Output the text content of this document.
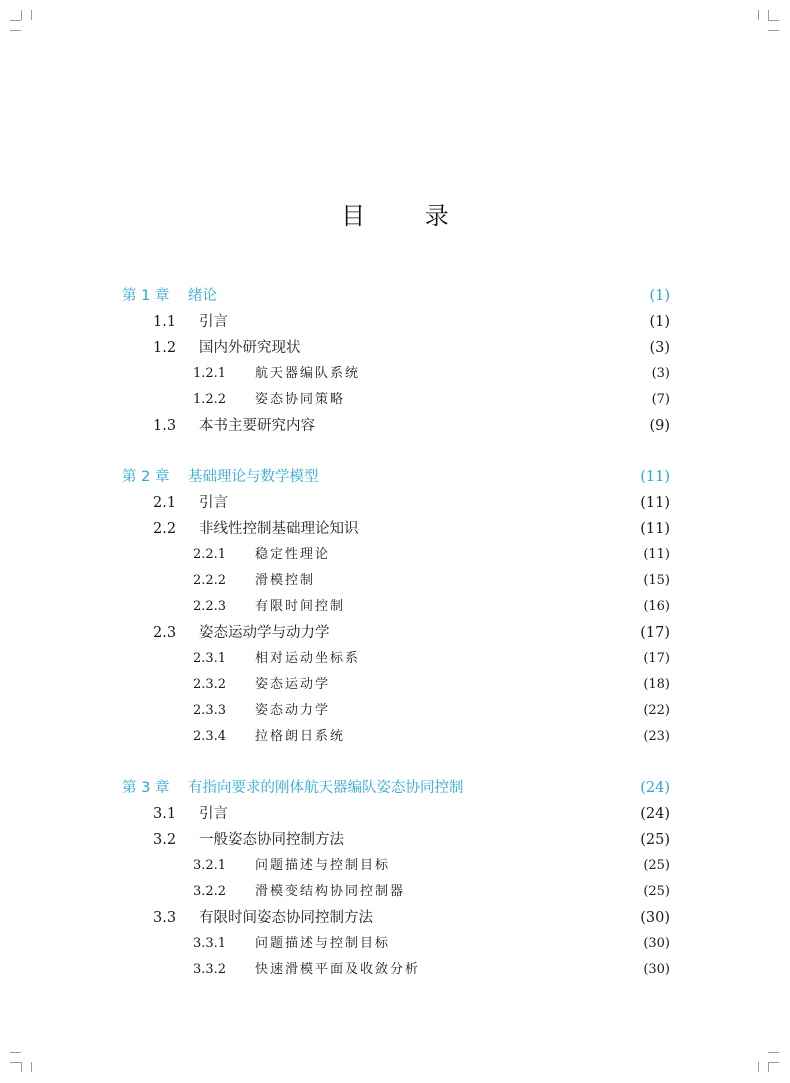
目 录
第 1 章	绪论	(1)
1.1	引言	(1)
1.2	国内外研究现状	(3)
1.2.1	航天器编队系统	(3)
1.2.2	姿态协同策略	(7)
1.3	本书主要研究内容	(9)
第 2 章	基础理论与数学模型	(11)
2.1	引言	(11)
2.2	非线性控制基础理论知识	(11)
2.2.1	稳定性理论	(11)
2.2.2	滑模控制	(15)
2.2.3	有限时间控制	(16)
2.3	姿态运动学与动力学	(17)
2.3.1	相对运动坐标系	(17)
2.3.2	姿态运动学	(18)
2.3.3	姿态动力学	(22)
2.3.4	拉格朗日系统	(23)
第 3 章	有指向要求的刚体航天器编队姿态协同控制	(24)
3.1	引言	(24)
3.2	一般姿态协同控制方法	(25)
3.2.1	问题描述与控制目标	(25)
3.2.2	滑模变结构协同控制器	(25)
3.3	有限时间姿态协同控制方法	(30)
3.3.1	问题描述与控制目标	(30)
3.3.2	快速滑模平面及收敛分析	(30)
